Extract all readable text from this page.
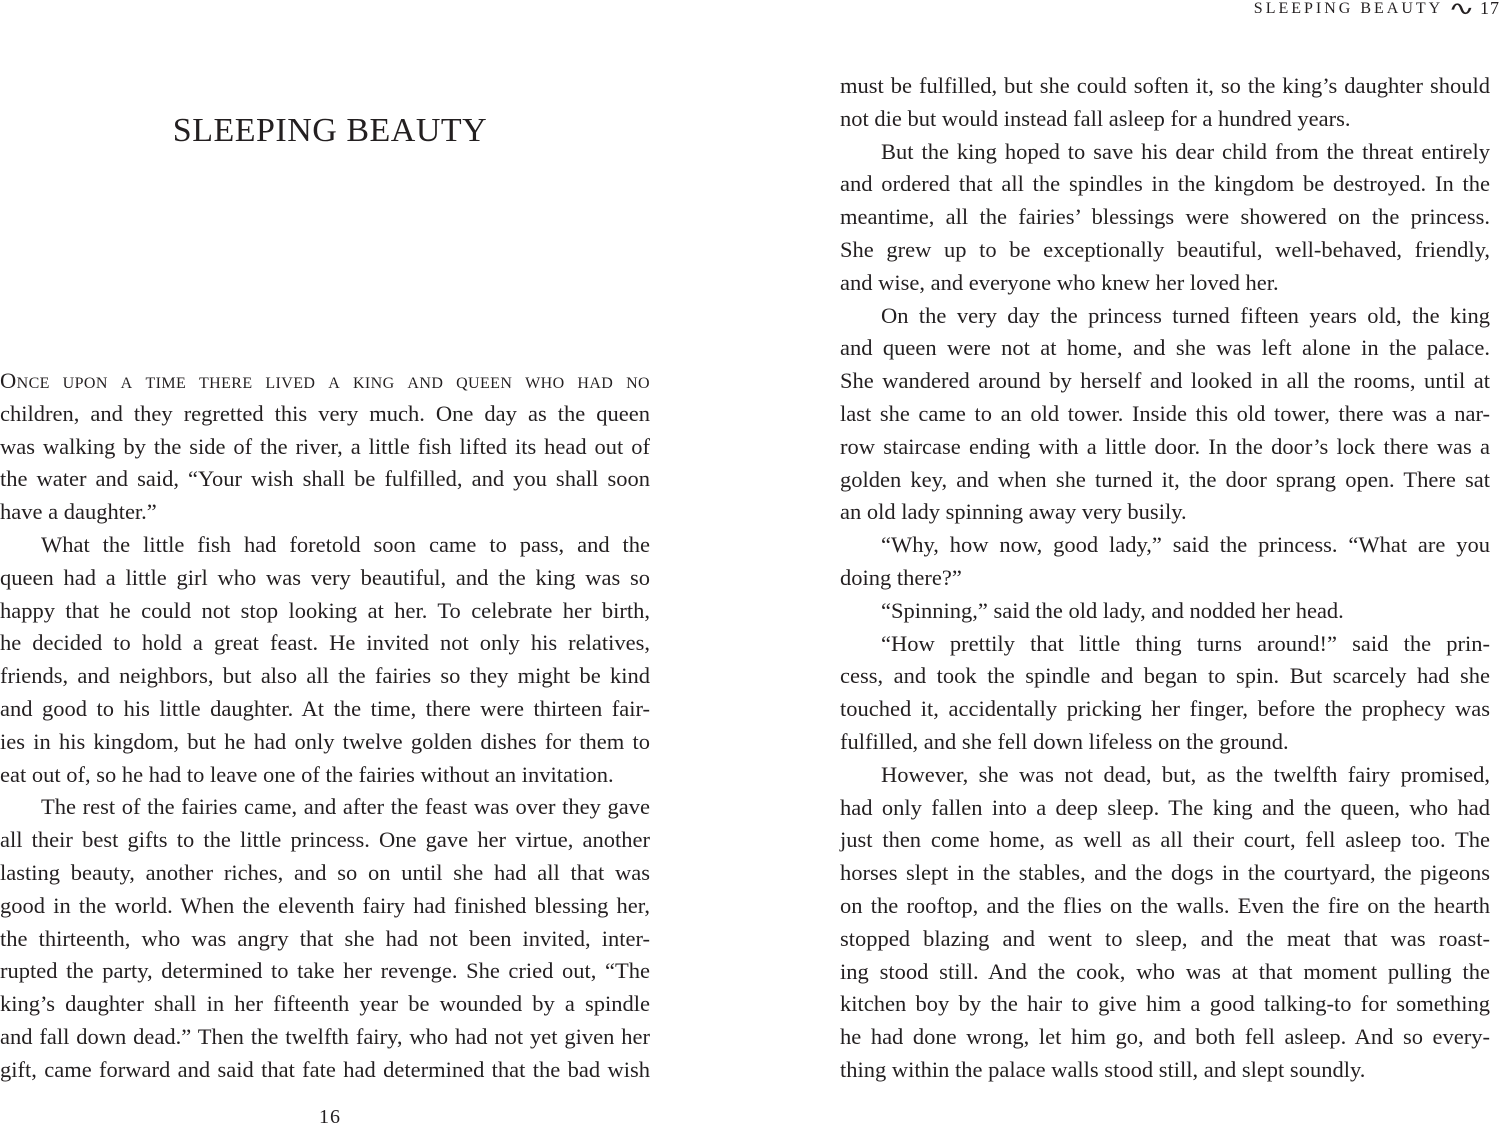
SLEEPING BEAUTY
Once upon a time there lived a king and queen who had no
children, and they regretted this very much. One day as the queen
was walking by the side of the river, a little fish lifted its head out of
the water and said, “Your wish shall be fulfilled, and you shall soon
have a daughter.”
What the little fish had foretold soon came to pass, and the
queen had a little girl who was very beautiful, and the king was so
happy that he could not stop looking at her. To celebrate her birth,
he decided to hold a great feast. He invited not only his relatives,
friends, and neighbors, but also all the fairies so they might be kind
and good to his little daughter. At the time, there were thirteen fair-
ies in his kingdom, but he had only twelve golden dishes for them to
eat out of, so he had to leave one of the fairies without an invitation.
The rest of the fairies came, and after the feast was over they gave
all their best gifts to the little princess. One gave her virtue, another
lasting beauty, another riches, and so on until she had all that was
good in the world. When the eleventh fairy had finished blessing her,
the thirteenth, who was angry that she had not been invited, inter-
rupted the party, determined to take her revenge. She cried out, “The
king’s daughter shall in her fifteenth year be wounded by a spindle
and fall down dead.” Then the twelfth fairy, who had not yet given her
gift, came forward and said that fate had determined that the bad wish
16
SLEEPING BEAUTY ∿ 17
must be fulfilled, but she could soften it, so the king’s daughter should
not die but would instead fall asleep for a hundred years.
But the king hoped to save his dear child from the threat entirely
and ordered that all the spindles in the kingdom be destroyed. In the
meantime, all the fairies’ blessings were showered on the princess.
She grew up to be exceptionally beautiful, well-behaved, friendly,
and wise, and everyone who knew her loved her.
On the very day the princess turned fifteen years old, the king
and queen were not at home, and she was left alone in the palace.
She wandered around by herself and looked in all the rooms, until at
last she came to an old tower. Inside this old tower, there was a nar-
row staircase ending with a little door. In the door’s lock there was a
golden key, and when she turned it, the door sprang open. There sat
an old lady spinning away very busily.
“Why, how now, good lady,” said the princess. “What are you
doing there?”
“Spinning,” said the old lady, and nodded her head.
“How prettily that little thing turns around!” said the prin-
cess, and took the spindle and began to spin. But scarcely had she
touched it, accidentally pricking her finger, before the prophecy was
fulfilled, and she fell down lifeless on the ground.
However, she was not dead, but, as the twelfth fairy promised,
had only fallen into a deep sleep. The king and the queen, who had
just then come home, as well as all their court, fell asleep too. The
horses slept in the stables, and the dogs in the courtyard, the pigeons
on the rooftop, and the flies on the walls. Even the fire on the hearth
stopped blazing and went to sleep, and the meat that was roast-
ing stood still. And the cook, who was at that moment pulling the
kitchen boy by the hair to give him a good talking-to for something
he had done wrong, let him go, and both fell asleep. And so every-
thing within the palace walls stood still, and slept soundly.
